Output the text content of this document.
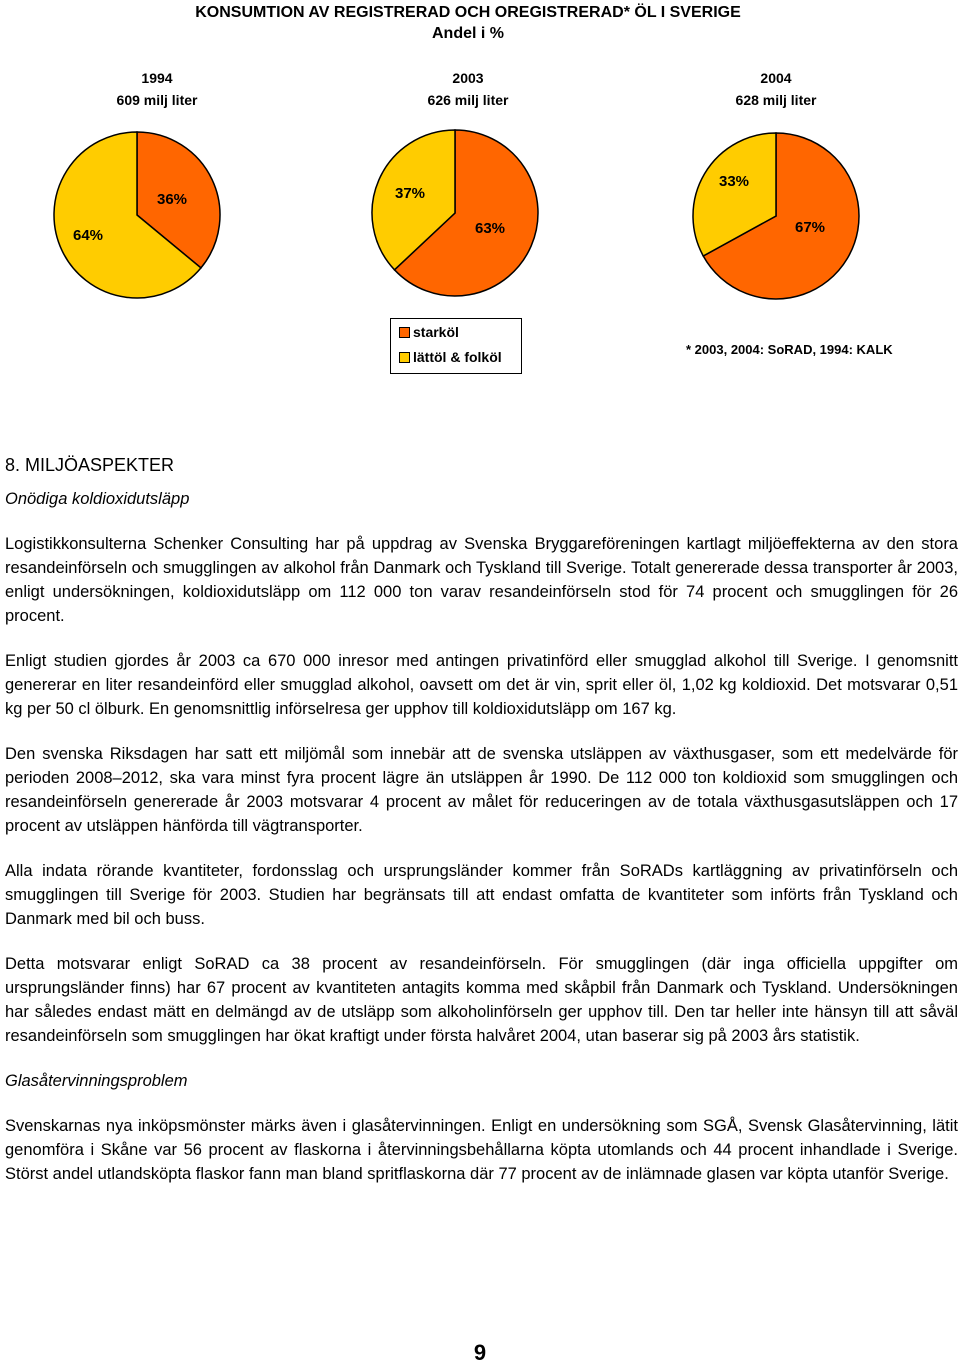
KONSUMTION AV REGISTRERAD OCH OREGISTRERAD* ÖL I SVERIGE
Andel i %
1994
609 milj liter
2003
626 milj liter
2004
628 milj liter
36%
64%	63%
37%
67%
33%
starköl
lättöl & folköl	* 2003, 2004: SoRAD, 1994: KALK
8. MILJÖASPEKTER

Onödiga koldioxidutsläpp

Logistikkonsulterna Schenker Consulting har på uppdrag av Svenska Bryggareföreningen kartlagt miljöeffekterna av den stora resandeinförseln och smugglingen av alkohol från Danmark och Tyskland till Sverige. Totalt genererade dessa transporter år 2003, enligt undersökningen, koldioxidutsläpp om 112 000 ton varav resandeinförseln stod för 74 procent och smugglingen för 26 procent.

Enligt studien gjordes år 2003 ca 670 000 inresor med antingen privatinförd eller smugglad alkohol till Sverige. I genomsnitt genererar en liter resandeinförd eller smugglad alkohol, oavsett om det är vin, sprit eller öl, 1,02 kg koldioxid. Det motsvarar 0,51 kg per 50 cl ölburk. En genomsnittlig införselresa ger upphov till koldioxidutsläpp om 167 kg.

Den svenska Riksdagen har satt ett miljömål som innebär att de svenska utsläppen av växthusgaser, som ett medelvärde för perioden 2008–2012, ska vara minst fyra procent lägre än utsläppen år 1990. De 112 000 ton koldioxid som smugglingen och resandeinförseln genererade år 2003 motsvarar 4 procent av målet för reduceringen av de totala växthusgasutsläppen och 17 procent av utsläppen hänförda till vägtransporter.

Alla indata rörande kvantiteter, fordonsslag och ursprungsländer kommer från SoRADs kartläggning av privatinförseln och smugglingen till Sverige för 2003. Studien har begränsats till att endast omfatta de kvantiteter som införts från Tyskland och Danmark med bil och buss.

Detta motsvarar enligt SoRAD ca 38 procent av resandeinförseln. För smugglingen (där inga officiella uppgifter om ursprungsländer finns) har 67 procent av kvantiteten antagits komma med skåpbil från Danmark och Tyskland. Undersökningen har således endast mätt en delmängd av de utsläpp som alkoholinförseln ger upphov till. Den tar heller inte hänsyn till att såväl resandeinförseln som smugglingen har ökat kraftigt under första halvåret 2004, utan baserar sig på 2003 års statistik.

Glasåtervinningsproblem

Svenskarnas nya inköpsmönster märks även i glasåtervinningen. Enligt en undersökning som SGÅ, Svensk Glasåtervinning, lätit genomföra i Skåne var 56 procent av flaskorna i återvinningsbehållarna köpta utomlands och 44 procent inhandlade i Sverige. Störst andel utlandsköpta flaskor fann man bland spritflaskorna där 77 procent av de inlämnade glasen var köpta utanför Sverige.

9
